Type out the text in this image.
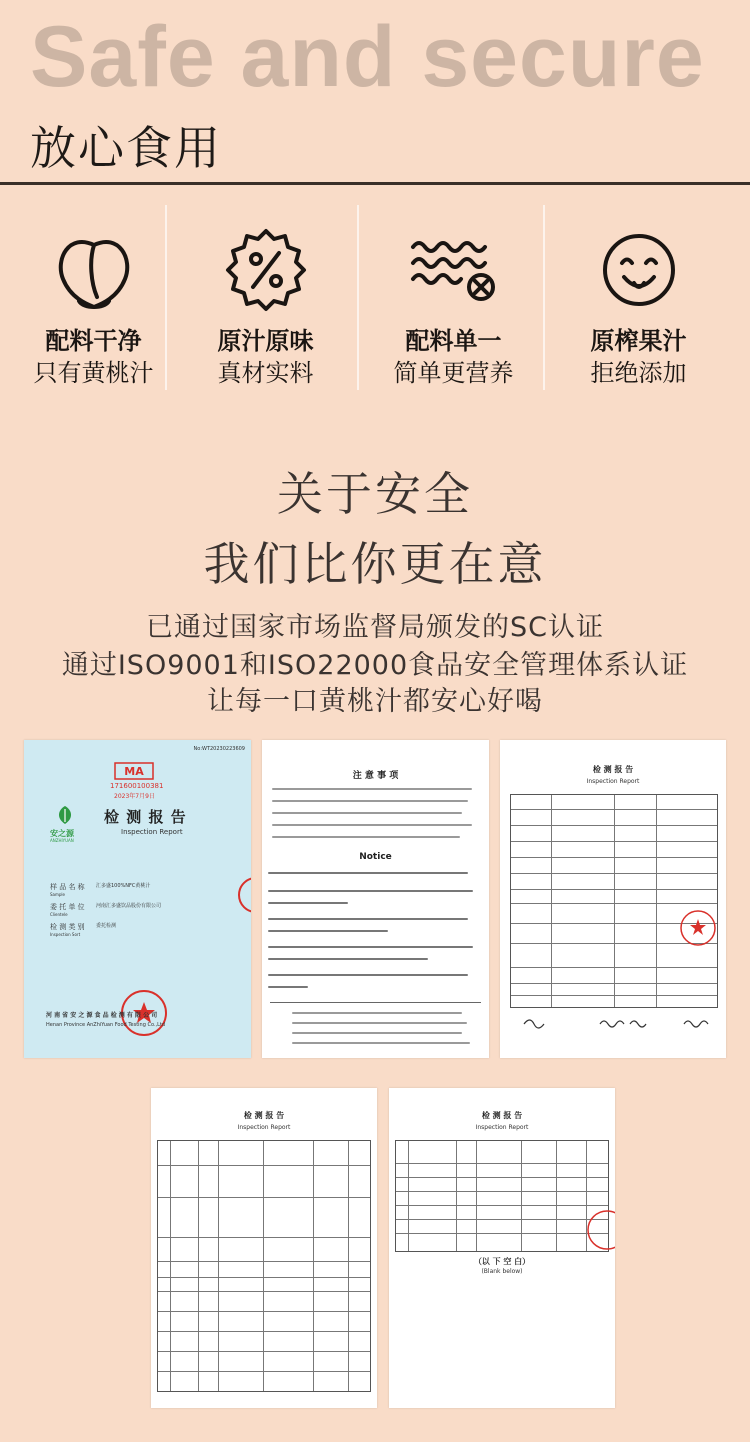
Safe and secure
放心食用
配料干净
只有黄桃汁
原汁原味
真材实料
配料单一
简单更营养
原榨果汁
拒绝添加
关于安全
我们比你更在意
已通过国家市场监督局颁发的SC认证
通过ISO9001和ISO22000食品安全管理体系认证
让每一口黄桃汁都安心好喝
No:WT20230223609
MA
171600100381
2023年7月9日
安之源
ANZHIYUAN
检 测 报 告
Inspection Report
样 品 名 称 汇多盛100%NFC黄桃汁
Sample
委 托 单 位 河南汇多盛饮品股份有限公司
Clientele
检 测 类 别 委托检测
Inspection Sort
河 南 省 安 之 源 食 品 检 测 有 限 公 司
Henan Province AnZhiYuan Food Testing Co.,Ltd
注 意 事 项
Notice
检 测 报 告
Inspection Report
检 测 报 告
Inspection Report
检 测 报 告
Inspection Report
（以 下 空 白）
(Blank below)
